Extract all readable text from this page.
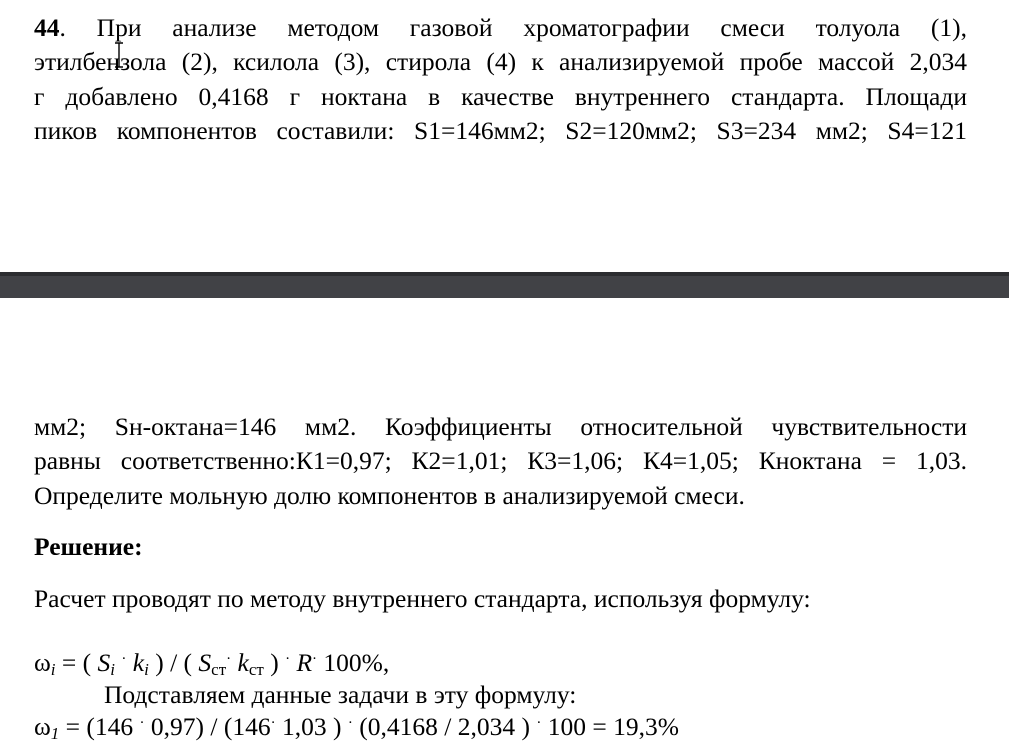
44. При анализе методом газовой хроматографии смеси толуола (1),
этилбензола (2), ксилола (3), стирола (4) к анализируемой пробе массой 2,034
г добавлено 0,4168 г ноктана в качестве внутреннего стандарта. Площади
пиков компонентов составили: S1=146мм2; S2=120мм2; S3=234 мм2; S4=121
мм2; Sн-октана=146 мм2. Коэффициенты относительной чувствительности
равны соответственно:К1=0,97; К2=1,01; К3=1,06; К4=1,05; Кноктана = 1,03.
Определите мольную долю компонентов в анализируемой смеси.
Решение:
Расчет проводят по методу внутреннего стандарта, используя формулу:
$\omega_i$ = ( $S_i$ · $k_i$ ) / ( $S_{ст}^\cdot$ $k_{ст}$ ) · R· 100%,
Подставляем данные задачи в эту формулу:
$\omega_1 = (146$ · 0,97) / (146· 1,03 ) · (0,4168 / 2,034 ) · 100 = 19,3%
